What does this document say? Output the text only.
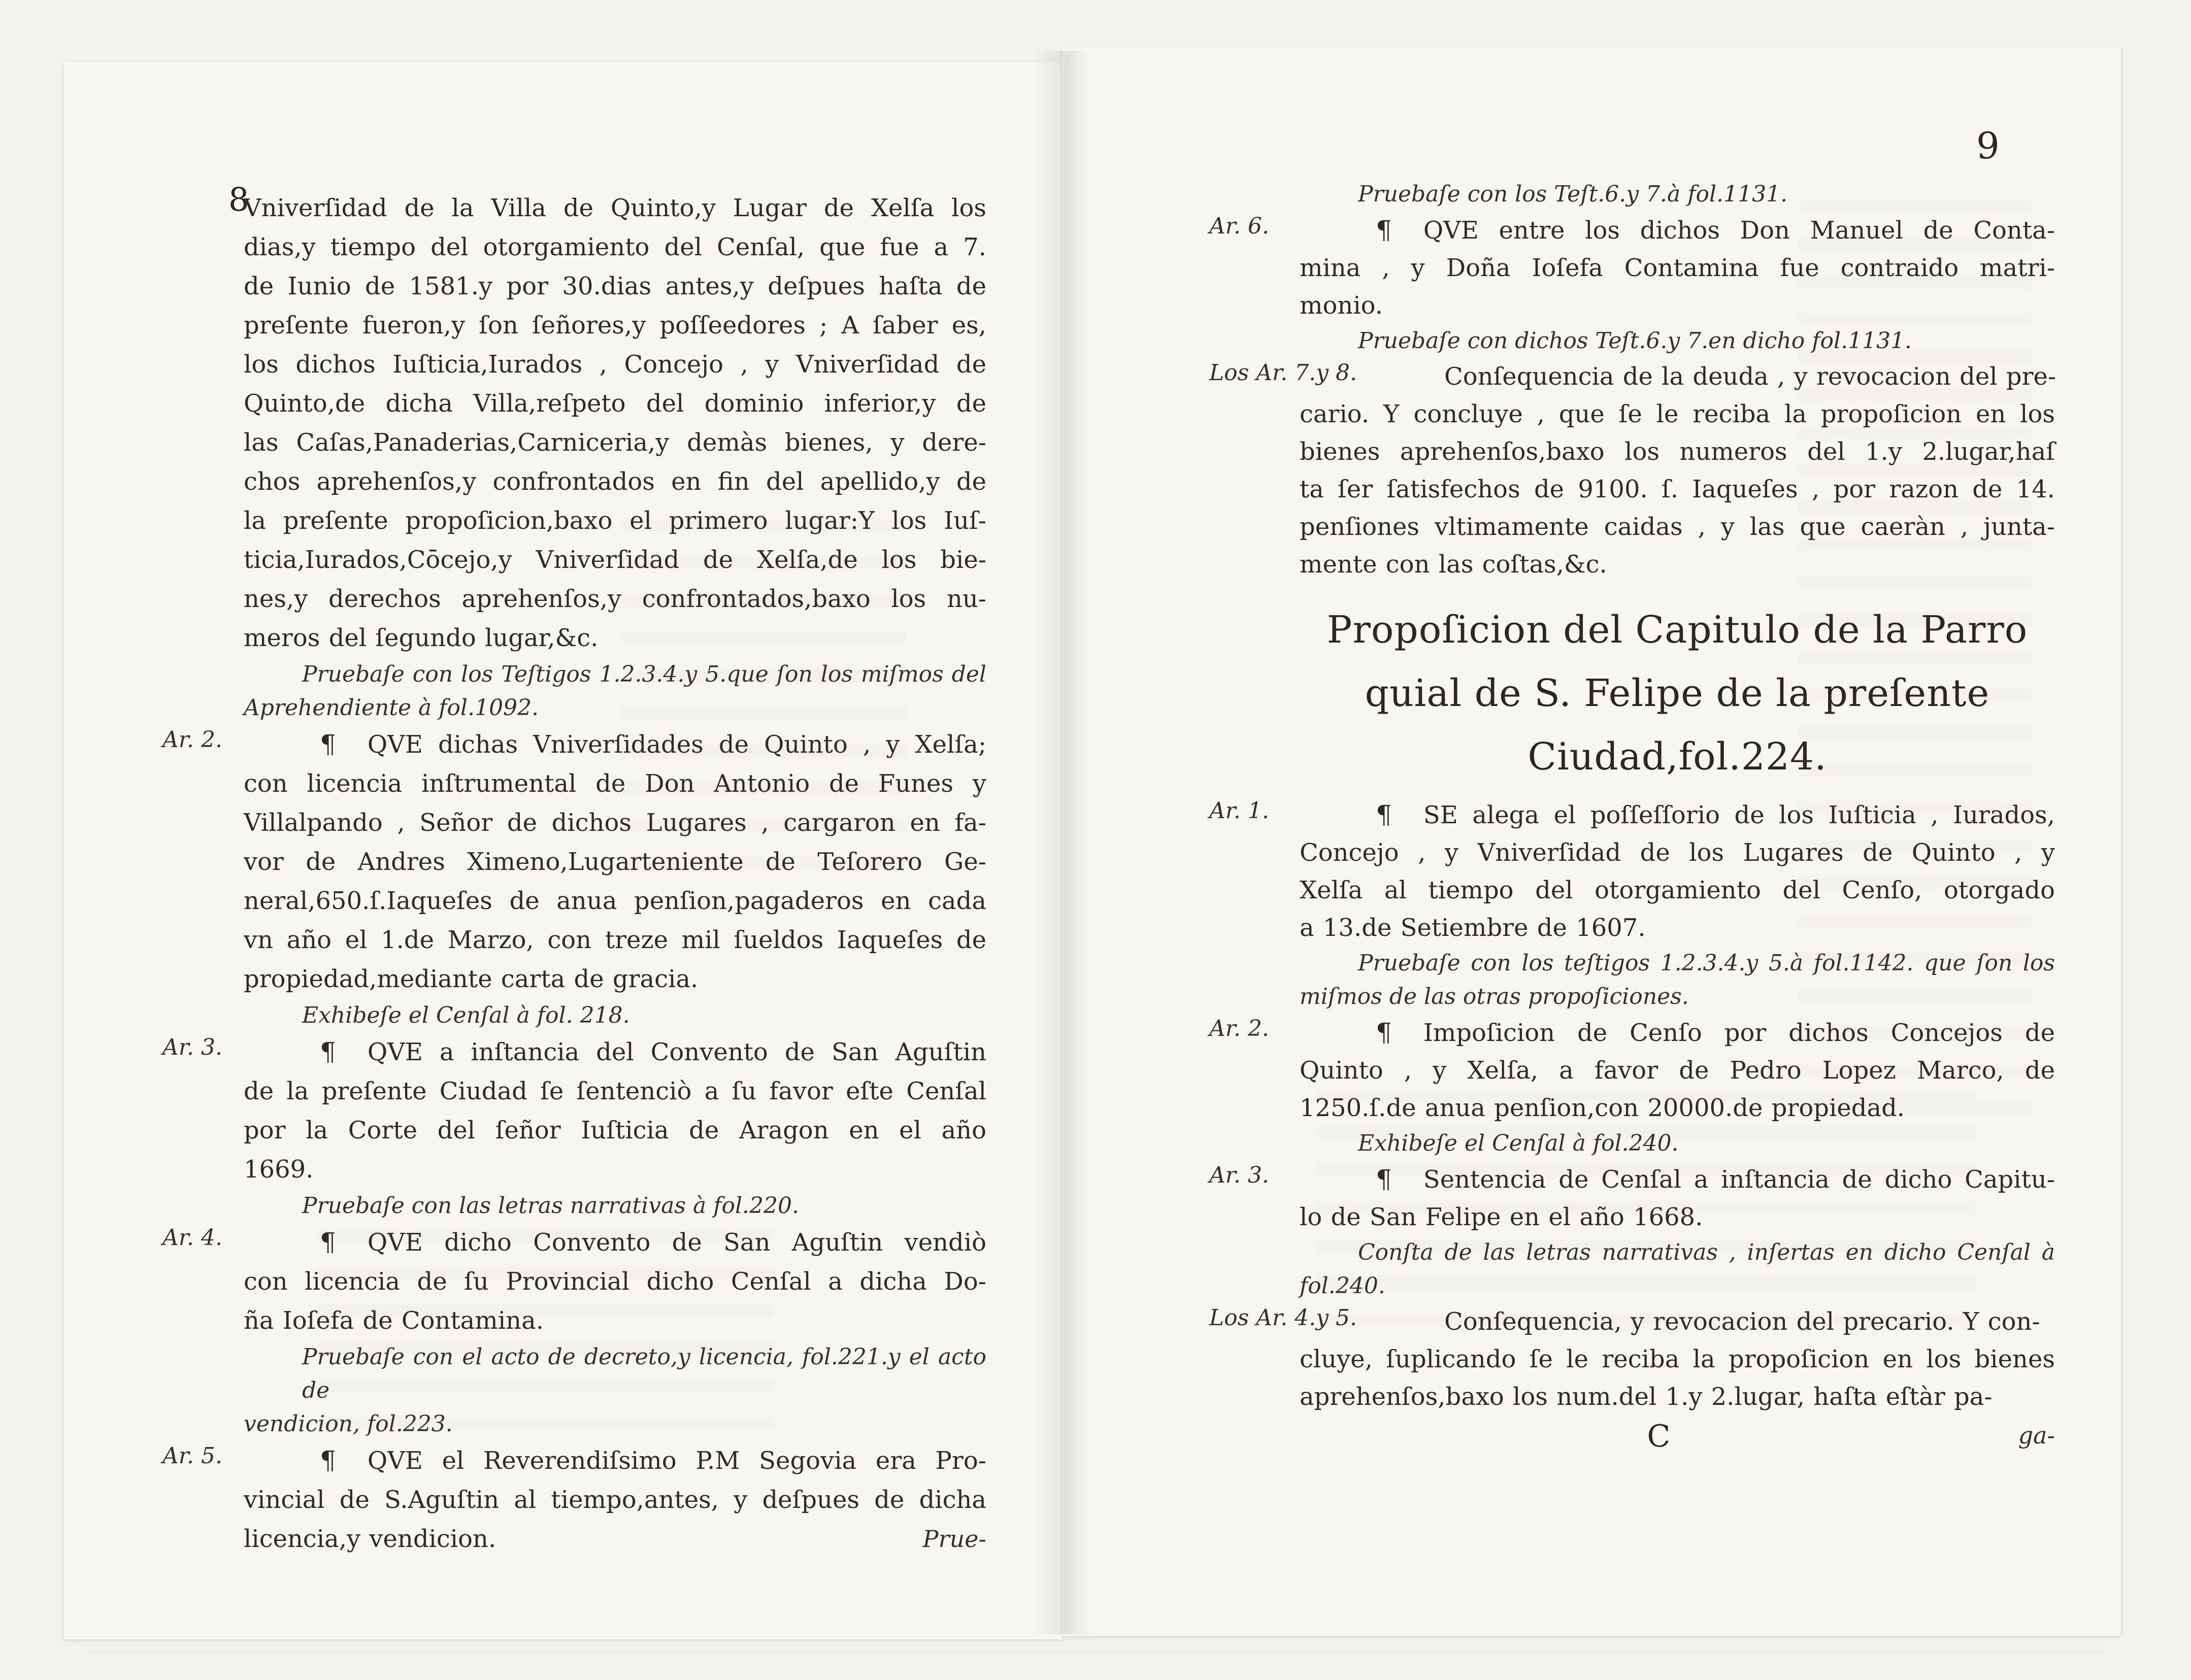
8
Vniverſidad de la Villa de Quinto,y Lugar de Xelſa los
dias,y tiempo del otorgamiento del Cenſal, que fue a 7.
de Iunio de 1581.y por 30.dias antes,y deſpues haſta de
preſente fueron,y ſon ſeñores,y poſſeedores ; A ſaber es,
los dichos Iuſticia,Iurados , Concejo , y Vniverſidad de
Quinto,de dicha Villa,reſpeto del dominio inferior,y de
las Caſas,Panaderias,Carniceria,y demàs bienes, y dere-
chos aprehenſos,y confrontados en fin del apellido,y de
la preſente propoſicion,baxo el primero lugar:Y los Iuſ-
ticia,Iurados,Cōcejo,y Vniverſidad de Xelſa,de los bie-
nes,y derechos aprehenſos,y confrontados,baxo los nu-
meros del ſegundo lugar,&c.
Pruebaſe con los Teſtigos 1.2.3.4.y 5.que ſon los miſmos del
Aprehendiente à fol.1092.
Ar. 2.	¶ QVE dichas Vniverſidades de Quinto , y Xelſa;
con licencia inſtrumental de Don Antonio de Funes y
Villalpando , Señor de dichos Lugares , cargaron en fa-
vor de Andres Ximeno,Lugarteniente de Teſorero Ge-
neral,650.ſ.Iaqueſes de anua penſion,pagaderos en cada
vn año el 1.de Marzo, con treze mil ſueldos Iaqueſes de
propiedad,mediante carta de gracia.
Exhibeſe el Cenſal à fol. 218.
Ar. 3.	¶ QVE a inſtancia del Convento de San Aguſtin
de la preſente Ciudad ſe ſentenciò a ſu favor eſte Cenſal
por la Corte del ſeñor Iuſticia de Aragon en el año
1669.
Pruebaſe con las letras narrativas à fol.220.
Ar. 4.	¶ QVE dicho Convento de San Aguſtin vendiò
con licencia de ſu Provincial dicho Cenſal a dicha Do-
ña Ioſefa de Contamina.
Pruebaſe con el acto de decreto,y licencia, fol.221.y el acto de
vendicion, fol.223.
Ar. 5.	¶ QVE el Reverendiſsimo P.M Segovia era Pro-
vincial de S.Aguſtin al tiempo,antes, y deſpues de dicha
licencia,y vendicion.	Prue-
9
Pruebaſe con los Teſt.6.y 7.à fol.1131.
Ar. 6.	¶ QVE entre los dichos Don Manuel de Conta-
mina , y Doña Ioſefa Contamina fue contraido matri-
monio.
Pruebaſe con dichos Teſt.6.y 7.en dicho fol.1131.
Los Ar. 7.y 8.	Conſequencia de la deuda , y revocacion del pre-
cario. Y concluye , que ſe le reciba la propoſicion en los
bienes aprehenſos,baxo los numeros del 1.y 2.lugar,haſ
ta ſer ſatisfechos de 9100. ſ. Iaqueſes , por razon de 14.
penſiones vltimamente caidas , y las que caeràn , junta-
mente con las coſtas,&c.
Propoſicion del Capitulo de la Parro
quial de S. Felipe de la preſente
Ciudad,fol.224.
Ar. 1.	¶ SE alega el poſſeſſorio de los Iuſticia , Iurados,
Concejo , y Vniverſidad de los Lugares de Quinto , y
Xelſa al tiempo del otorgamiento del Cenſo, otorgado
a 13.de Setiembre de 1607.
Pruebaſe con los teſtigos 1.2.3.4.y 5.à fol.1142. que ſon los
miſmos de las otras propoſiciones.
Ar. 2.	¶ Impoſicion de Cenſo por dichos Concejos de
Quinto , y Xelſa, a favor de Pedro Lopez Marco, de
1250.ſ.de anua penſion,con 20000.de propiedad.
Exhibeſe el Cenſal à fol.240.
Ar. 3.	¶ Sentencia de Cenſal a inſtancia de dicho Capitu-
lo de San Felipe en el año 1668.
Conſta de las letras narrativas , inſertas en dicho Cenſal à
fol.240.
Los Ar. 4.y 5.	Conſequencia, y revocacion del precario. Y con-
cluye, ſuplicando ſe le reciba la propoſicion en los bienes
aprehenſos,baxo los num.del 1.y 2.lugar, haſta eſtàr pa-
C	ga-
